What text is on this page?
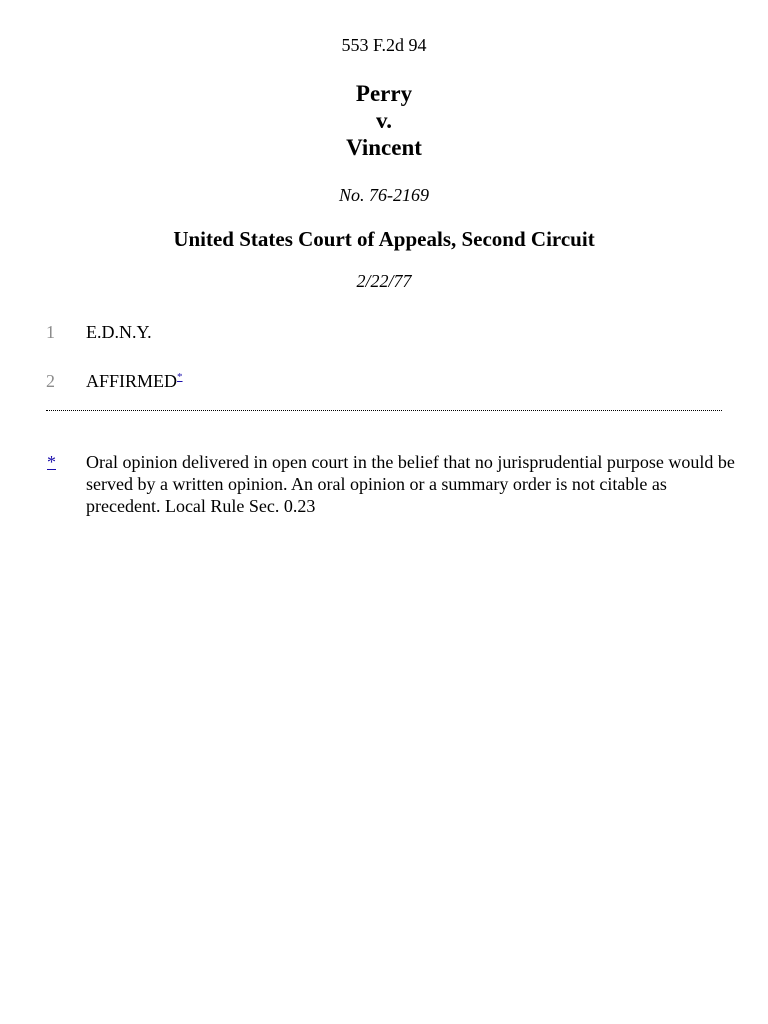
553 F.2d 94
Perry
v.
Vincent
No. 76-2169
United States Court of Appeals, Second Circuit
2/22/77
1 E.D.N.Y.
2 AFFIRMED*
* Oral opinion delivered in open court in the belief that no jurisprudential purpose would be served by a written opinion. An oral opinion or a summary order is not citable as precedent. Local Rule Sec. 0.23
